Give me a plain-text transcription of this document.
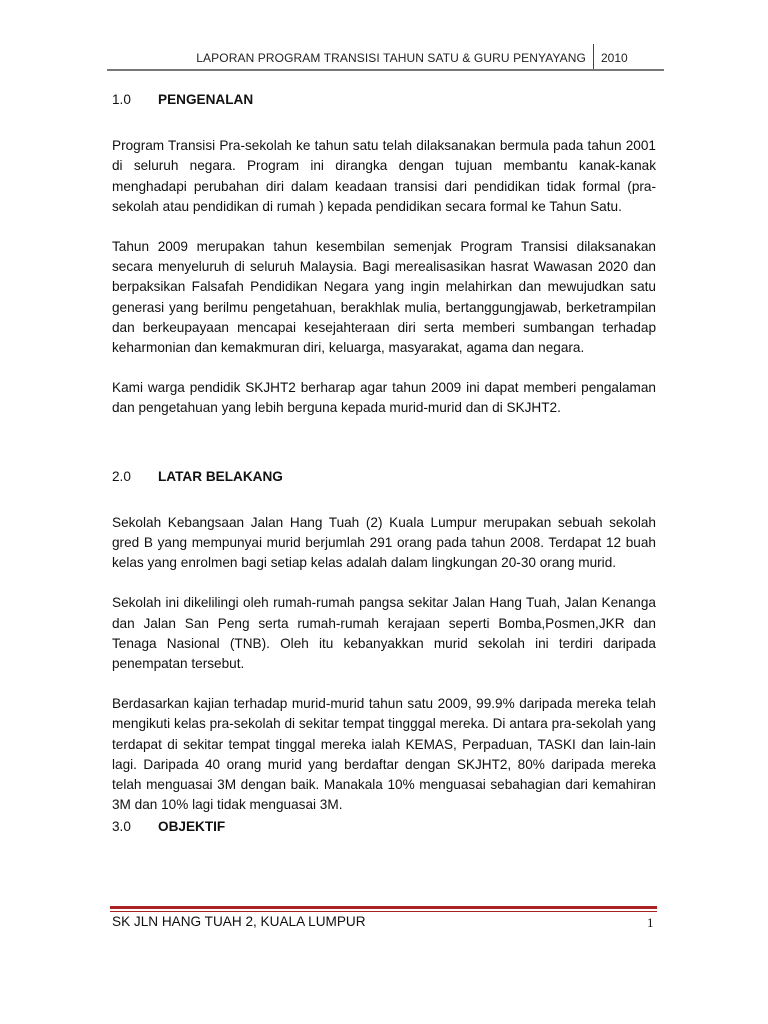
LAPORAN PROGRAM TRANSISI TAHUN SATU & GURU PENYAYANG 2010
1.0	PENGENALAN

Program Transisi Pra-sekolah ke tahun satu telah dilaksanakan bermula pada tahun 2001 di seluruh negara. Program ini dirangka dengan tujuan membantu kanak-kanak menghadapi perubahan diri dalam keadaan transisi dari pendidikan tidak formal (pra-sekolah atau pendidikan di rumah ) kepada pendidikan secara formal ke Tahun Satu.

Tahun 2009 merupakan tahun kesembilan semenjak Program Transisi dilaksanakan secara menyeluruh di seluruh Malaysia. Bagi merealisasikan hasrat Wawasan 2020 dan berpaksikan Falsafah Pendidikan Negara yang ingin melahirkan dan mewujudkan satu generasi yang berilmu pengetahuan, berakhlak mulia, bertanggungjawab, berketrampilan dan berkeupayaan mencapai kesejahteraan diri serta memberi sumbangan terhadap keharmonian dan kemakmuran diri, keluarga, masyarakat, agama dan negara.

Kami warga pendidik SKJHT2 berharap agar tahun 2009 ini dapat memberi pengalaman dan pengetahuan yang lebih berguna kepada murid-murid dan di SKJHT2.

2.0	LATAR BELAKANG

Sekolah Kebangsaan Jalan Hang Tuah (2) Kuala Lumpur merupakan sebuah sekolah gred B yang mempunyai murid berjumlah 291 orang pada tahun 2008. Terdapat 12 buah kelas yang enrolmen bagi setiap kelas adalah dalam lingkungan 20-30 orang murid.

Sekolah ini dikelilingi oleh rumah-rumah pangsa sekitar Jalan Hang Tuah, Jalan Kenanga dan Jalan San Peng serta rumah-rumah kerajaan seperti Bomba,Posmen,JKR dan Tenaga Nasional (TNB). Oleh itu kebanyakkan murid sekolah ini terdiri daripada penempatan tersebut.

Berdasarkan kajian terhadap murid-murid tahun satu 2009, 99.9% daripada mereka telah mengikuti kelas pra-sekolah di sekitar tempat tingggal mereka. Di antara pra-sekolah yang terdapat di sekitar tempat tinggal mereka ialah KEMAS, Perpaduan, TASKI dan lain-lain lagi. Daripada 40 orang murid yang berdaftar dengan SKJHT2, 80% daripada mereka telah menguasai 3M dengan baik. Manakala 10% menguasai sebahagian dari kemahiran 3M dan 10% lagi tidak menguasai 3M.

3.0	OBJEKTIF
SK JLN HANG TUAH 2, KUALA LUMPUR	1
